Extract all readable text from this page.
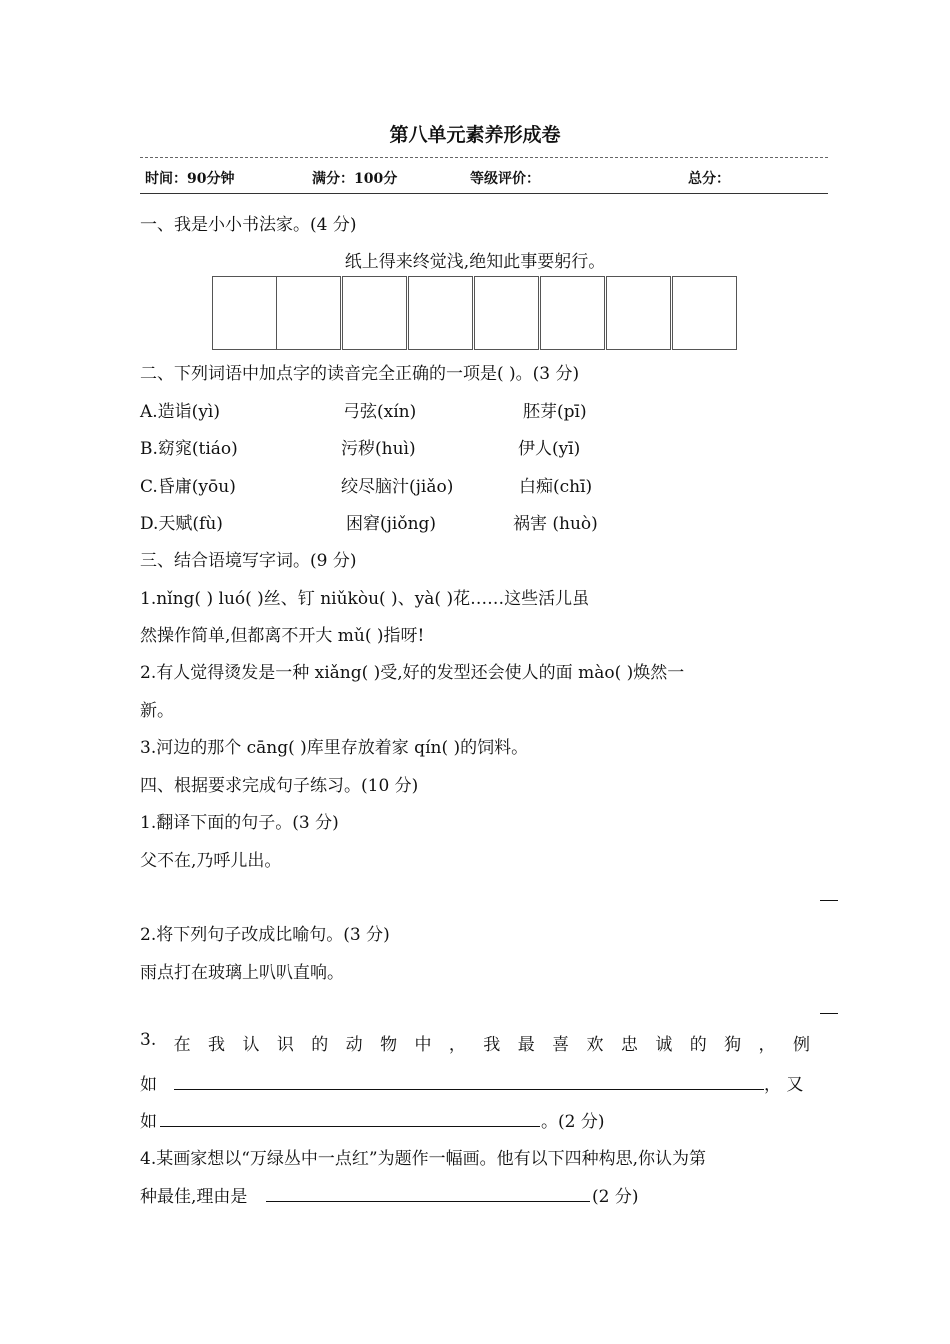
第八单元素养形成卷
时间：90分钟	满分：100分	等级评价：	总分：
一、我是小小书法家。(4 分)
纸上得来终觉浅,绝知此事要躬行。
二、下列词语中加点字的读音完全正确的一项是( )。(3 分)
A.造诣(yì)	弓弦(xín)	胚芽(pī)
B.窈窕(tiáo)	污秽(huì)	伊人(yī)
C.昏庸(yōu)	绞尽脑汁(jiǎo)	白痴(chī)
D.天赋(fù)	困窘(jiǒng)	祸害 (huò)
三、结合语境写字词。(9 分)
1.nǐng( ) luó( )丝、钉 niǔkòu( )、yà( )花……这些活儿虽
然操作简单,但都离不开大 mǔ( )指呀!
2.有人觉得烫发是一种 xiǎng( )受,好的发型还会使人的面 mào( )焕然一
新。
3.河边的那个 cāng( )库里存放着家 qín( )的饲料。
四、根据要求完成句子练习。(10 分)
1.翻译下面的句子。(3 分)
父不在,乃呼儿出。
2.将下列句子改成比喻句。(3 分)
雨点打在玻璃上叭叭直响。
3. 在 我 认 识 的 动 物 中 ， 我 最 喜 欢 忠 诚 的 狗 ， 例
如	， 又
如	。(2 分)
4.某画家想以“万绿丛中一点红”为题作一幅画。他有以下四种构思,你认为第
种最佳,理由是	(2 分)
